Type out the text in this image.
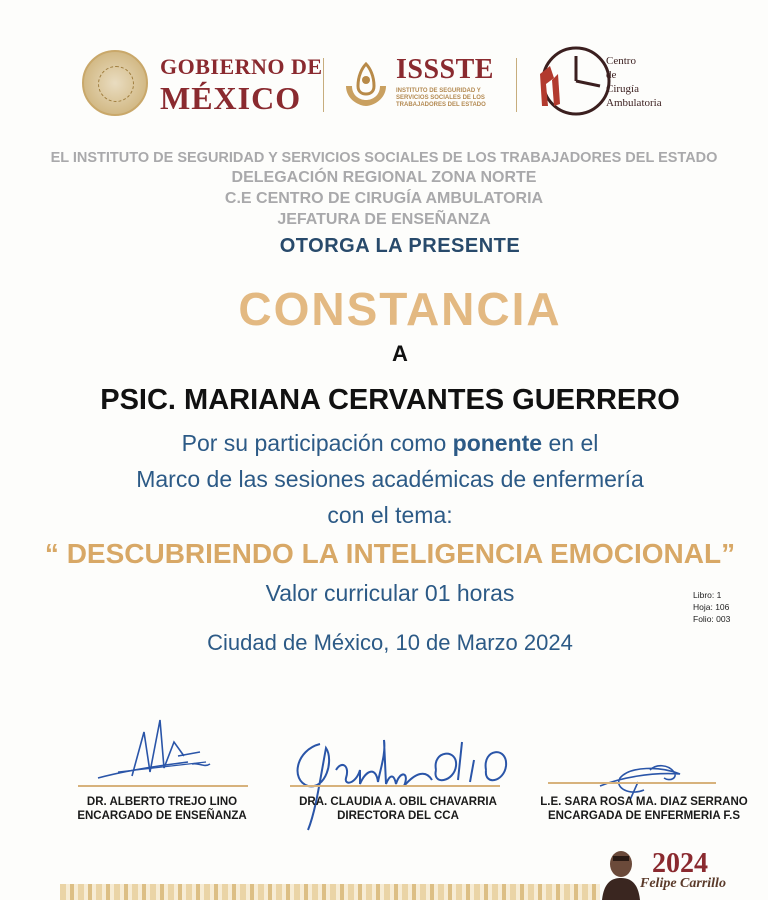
GOBIERNO DE
MÉXICO
ISSSTE
INSTITUTO DE SEGURIDAD Y SERVICIOS SOCIALES DE LOS TRABAJADORES DEL ESTADO
Centro
de
Cirugía
Ambulatoria
EL INSTITUTO DE SEGURIDAD Y SERVICIOS SOCIALES DE LOS TRABAJADORES DEL ESTADO
DELEGACIÓN REGIONAL ZONA NORTE
C.E CENTRO DE CIRUGÍA AMBULATORIA
JEFATURA DE ENSEÑANZA
OTORGA LA PRESENTE
CONSTANCIA
A
PSIC. MARIANA CERVANTES GUERRERO
Por su participación como ponente en el
Marco de las sesiones académicas de enfermería
con el tema:
“ DESCUBRIENDO LA INTELIGENCIA EMOCIONAL”
Valor curricular 01 horas	Libro: 1
Hoja: 106
Folio: 003
Ciudad de México, 10 de Marzo 2024
DR. ALBERTO TREJO LINO
ENCARGADO DE ENSEÑANZA
DRA. CLAUDIA A. OBIL CHAVARRIA
DIRECTORA DEL CCA
L.E. SARA ROSA MA. DIAZ SERRANO
ENCARGADA DE ENFERMERIA F.S
2024
Felipe Carrillo
